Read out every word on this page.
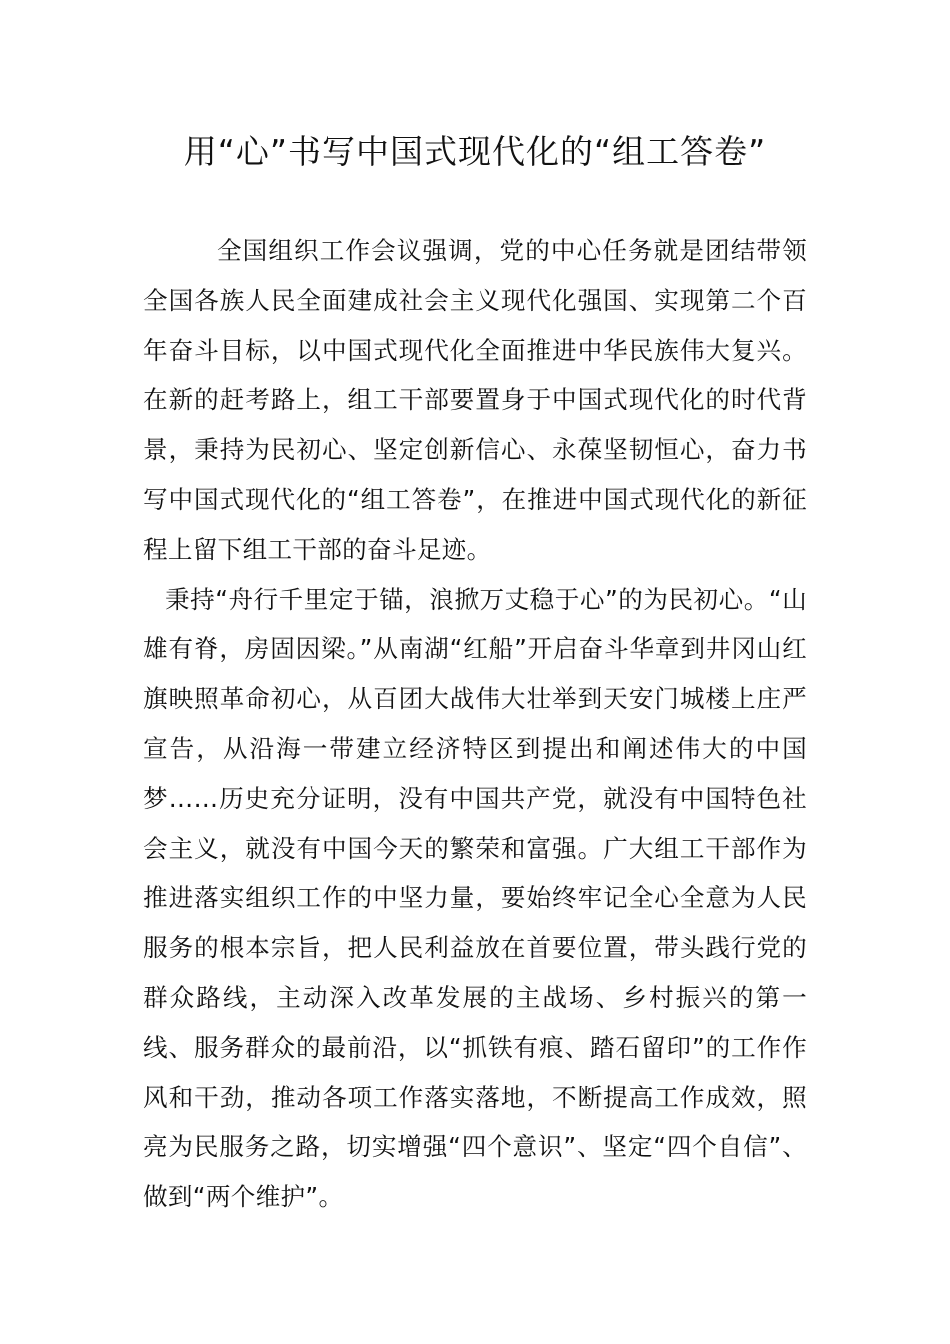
用“心”书写中国式现代化的“组工答卷”

全国组织工作会议强调，党的中心任务就是团结带领全国各族人民全面建成社会主义现代化强国、实现第二个百年奋斗目标，以中国式现代化全面推进中华民族伟大复兴。在新的赶考路上，组工干部要置身于中国式现代化的时代背景，秉持为民初心、坚定创新信心、永葆坚韧恒心，奋力书写中国式现代化的“组工答卷”，在推进中国式现代化的新征程上留下组工干部的奋斗足迹。

秉持“舟行千里定于锚，浪掀万丈稳于心”的为民初心。“山雄有脊，房固因梁。”从南湖“红船”开启奋斗华章到井冈山红旗映照革命初心，从百团大战伟大壮举到天安门城楼上庄严宣告，从沿海一带建立经济特区到提出和阐述伟大的中国梦……历史充分证明，没有中国共产党，就没有中国特色社会主义，就没有中国今天的繁荣和富强。广大组工干部作为推进落实组织工作的中坚力量，要始终牢记全心全意为人民服务的根本宗旨，把人民利益放在首要位置，带头践行党的群众路线，主动深入改革发展的主战场、乡村振兴的第一线、服务群众的最前沿，以“抓铁有痕、踏石留印”的工作作风和干劲，推动各项工作落实落地，不断提高工作成效，照亮为民服务之路，切实增强“四个意识”、坚定“四个自信”、做到“两个维护”。
